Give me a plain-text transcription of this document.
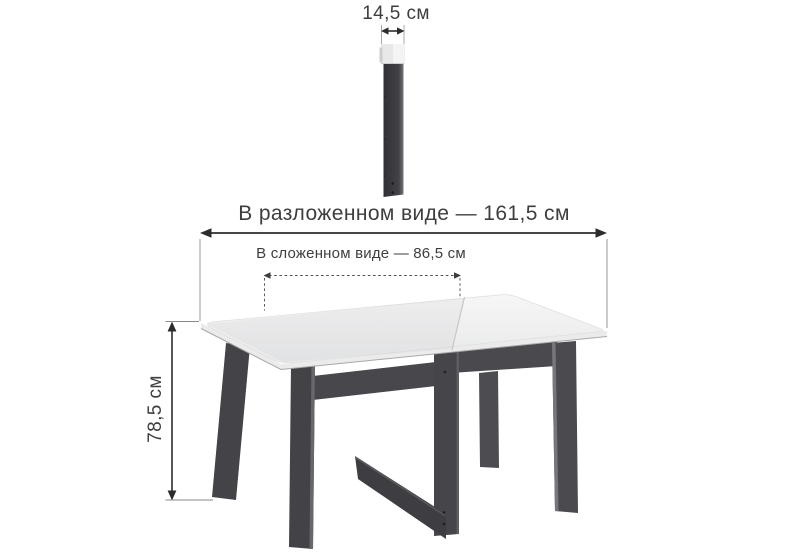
14,5 см
В разложенном виде — 161,5 см
В сложенном виде — 86,5 см
78,5 см
